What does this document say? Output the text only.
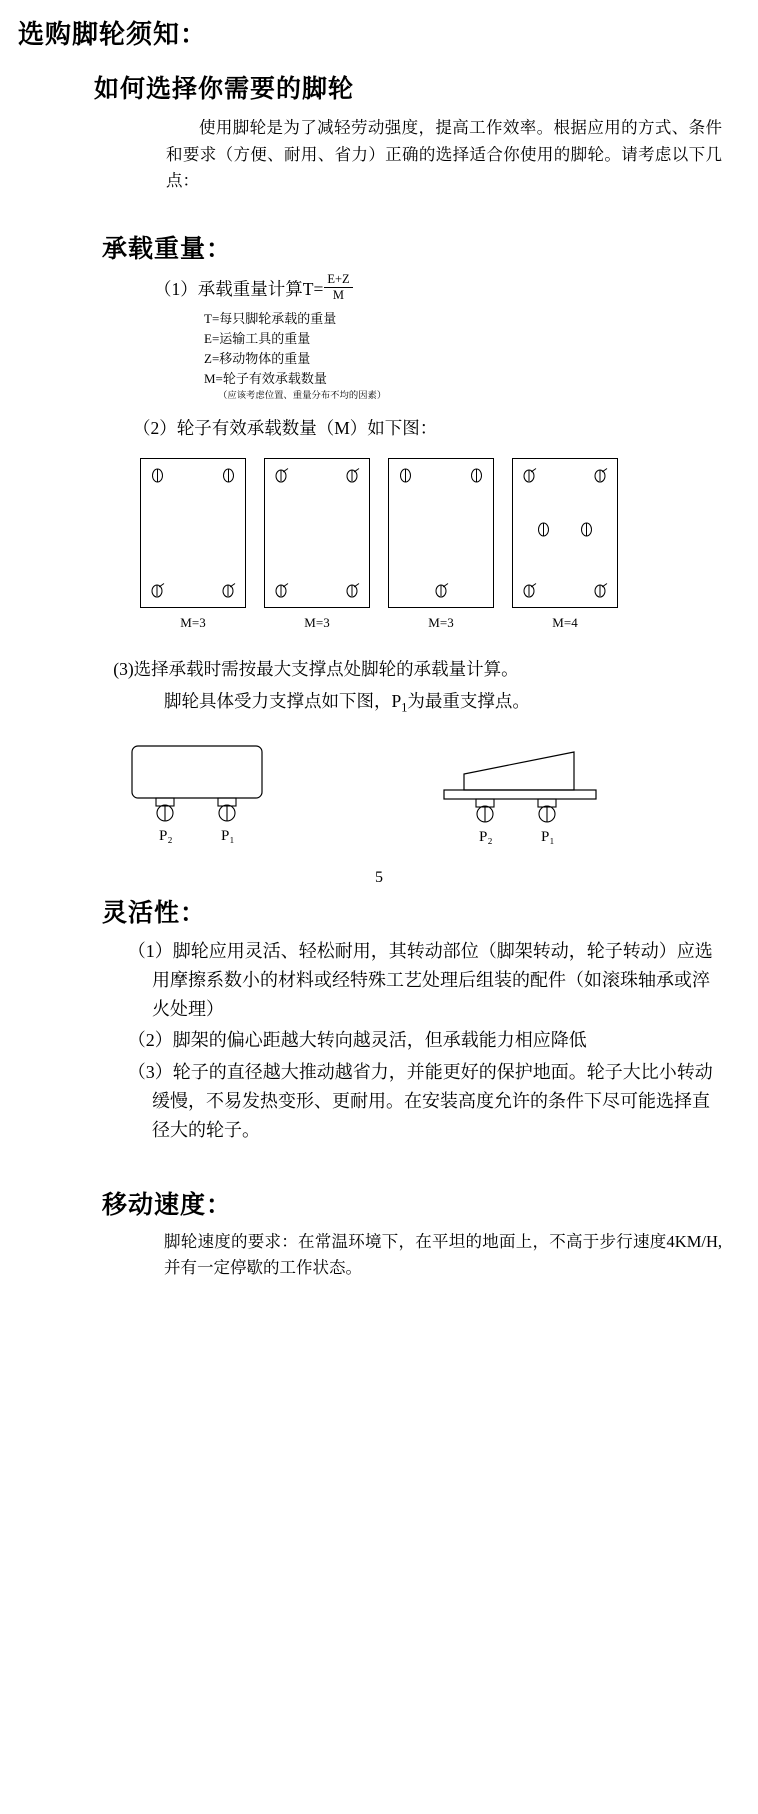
选购脚轮须知：
如何选择你需要的脚轮
使用脚轮是为了减轻劳动强度，提高工作效率。根据应用的方式、条件和要求（方便、耐用、省力）正确的选择适合你使用的脚轮。请考虑以下几点：
承载重量：
（1）承载重量计算$T= \frac{E+Z}{M}$
T=每只脚轮承载的重量
E=运输工具的重量
Z=移动物体的重量
M=轮子有效承载数量
（应该考虑位置、重量分布不均的因素）
（2）轮子有效承载数量（M）如下图：
M=3	M=3	M=3	M=4
(3)选择承载时需按最大支撑点处脚轮的承载量计算。
脚轮具体受力支撑点如下图，$P_1$为最重支撑点。
P₂	P₁	P₂	P₁
5
灵活性：
（1）脚轮应用灵活、轻松耐用，其转动部位（脚架转动，轮子转动）应选用摩擦系数小的材料或经特殊工艺处理后组装的配件（如滚珠轴承或淬火处理）
（2）脚架的偏心距越大转向越灵活，但承载能力相应降低
（3）轮子的直径越大推动越省力，并能更好的保护地面。轮子大比小转动缓慢，不易发热变形、更耐用。在安装高度允许的条件下尽可能选择直径大的轮子。
移动速度：
脚轮速度的要求：在常温环境下，在平坦的地面上，不高于步行速度4KM/H,并有一定停歇的工作状态。
